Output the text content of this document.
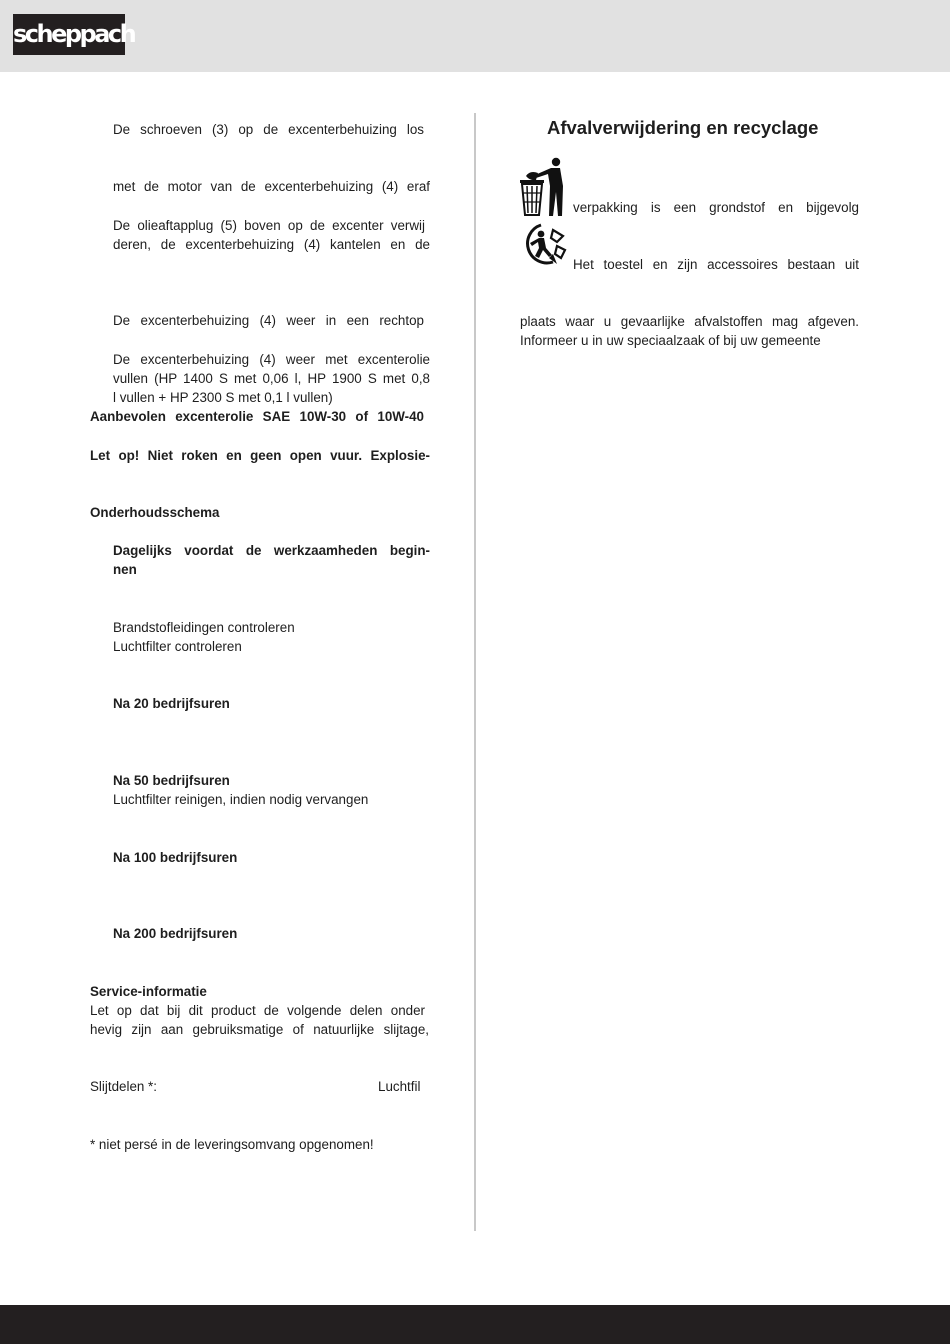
scheppach
De schroeven (3) op de excenterbehuizing los
met de motor van de excenterbehuizing (4) eraf
De olieaftapplug (5) boven op de excenter verwij
deren, de excenterbehuizing (4) kantelen en de
De excenterbehuizing (4) weer in een rechtop
De excenterbehuizing (4) weer met excenterolie
vullen (HP 1400 S met 0,06 l, HP 1900 S met 0,8
l vullen + HP 2300 S met 0,1 l vullen)
Aanbevolen excenterolie SAE 10W-30 of 10W-40
Let op! Niet roken en geen open vuur. Explosie-
Onderhoudsschema
Dagelijks voordat de werkzaamheden begin-
nen
Brandstofleidingen controleren
Luchtfilter controleren
Na 20 bedrijfsuren
Na 50 bedrijfsuren
Luchtfilter reinigen, indien nodig vervangen
Na 100 bedrijfsuren
Na 200 bedrijfsuren
Service-informatie
Let op dat bij dit product de volgende delen onder
hevig zijn aan gebruiksmatige of natuurlijke slijtage,
Slijtdelen *:	Luchtfil
* niet persé in de leveringsomvang opgenomen!
Afvalverwijdering en recyclage
verpakking is een grondstof en bijgevolg
Het toestel en zijn accessoires bestaan uit
plaats waar u gevaarlijke afvalstoffen mag afgeven.
Informeer u in uw speciaalzaak of bij uw gemeente
